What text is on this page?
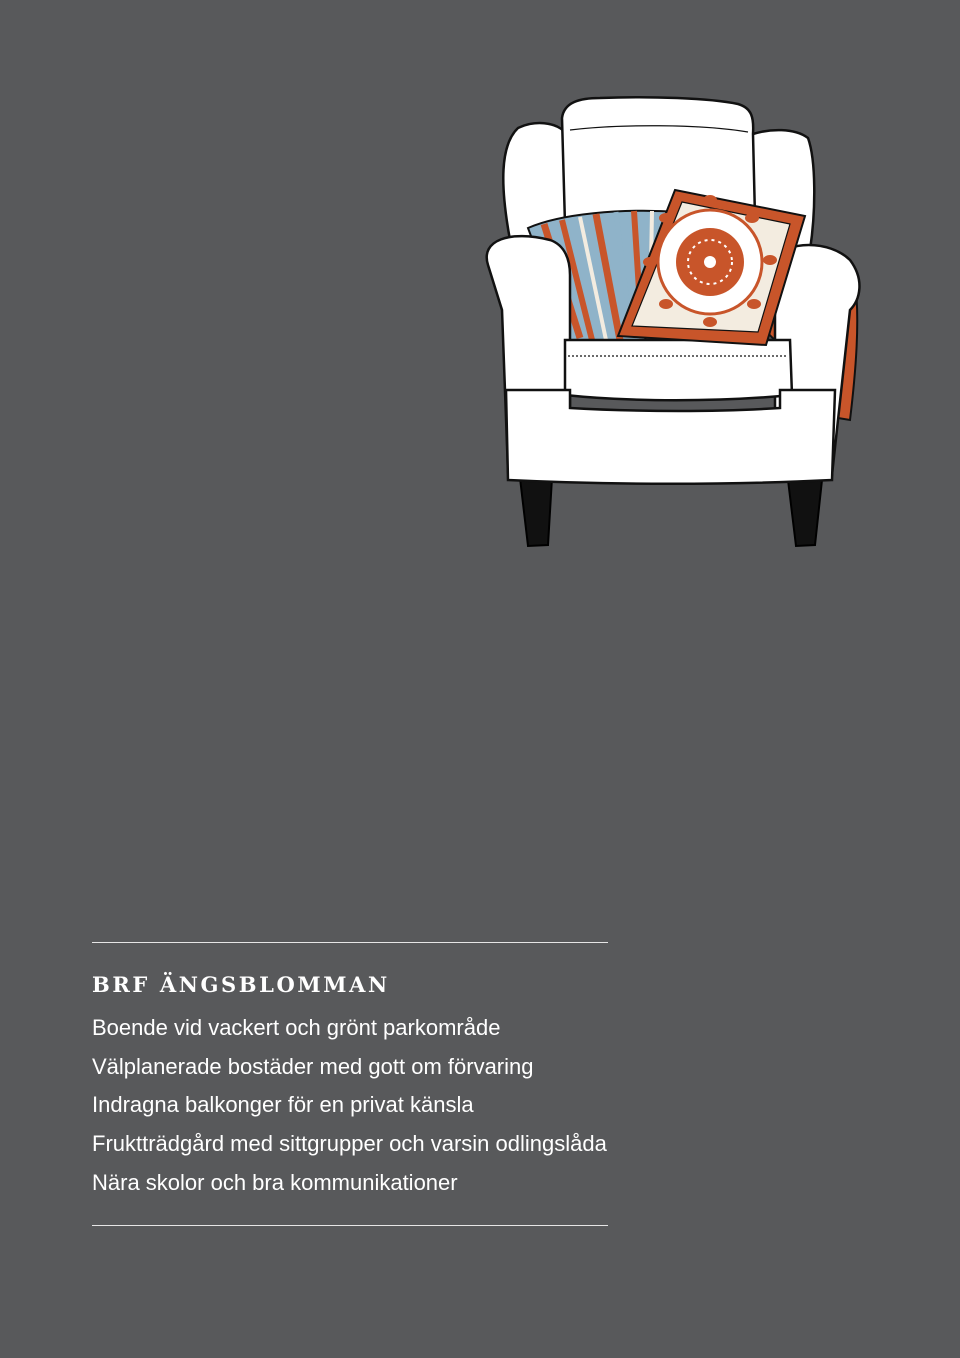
BRF ÄNGSBLOMMAN
Boende vid vackert och grönt parkområde
Välplanerade bostäder med gott om förvaring
Indragna balkonger för en privat känsla
Fruktträdgård med sittgrupper och varsin odlingslåda
Nära skolor och bra kommunikationer
